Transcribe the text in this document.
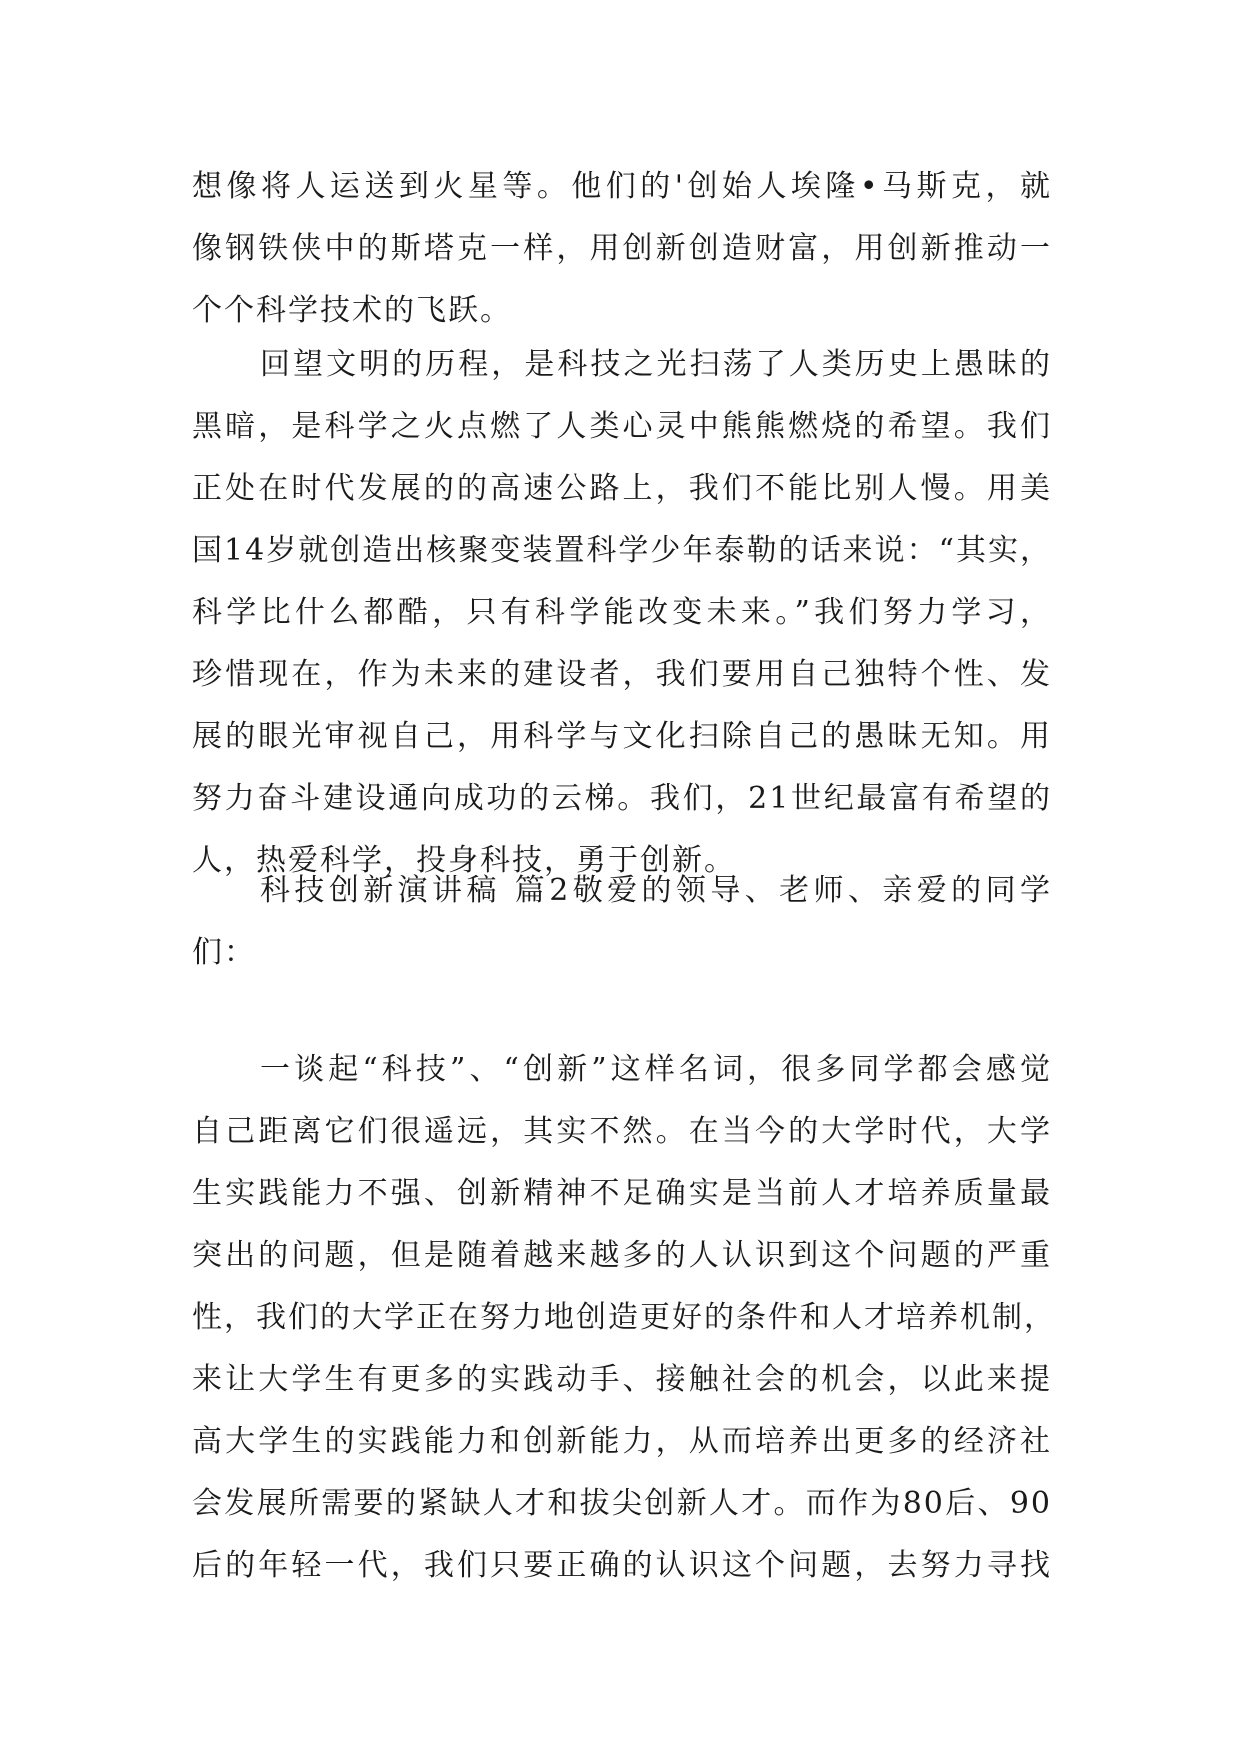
想像将人运送到火星等。他们的'创始人埃隆•马斯克，就
像钢铁侠中的斯塔克一样，用创新创造财富，用创新推动一
个个科学技术的飞跃。
回望文明的历程，是科技之光扫荡了人类历史上愚昧的
黑暗，是科学之火点燃了人类心灵中熊熊燃烧的希望。我们
正处在时代发展的的高速公路上，我们不能比别人慢。用美
国14岁就创造出核聚变装置科学少年泰勒的话来说：“其实，
科学比什么都酷，只有科学能改变未来。”我们努力学习，
珍惜现在，作为未来的建设者，我们要用自己独特个性、发
展的眼光审视自己，用科学与文化扫除自己的愚昧无知。用
努力奋斗建设通向成功的云梯。我们，21世纪最富有希望的
人，热爱科学，投身科技，勇于创新。
科技创新演讲稿 篇2敬爱的领导、老师、亲爱的同学
们：
一谈起“科技”、“创新”这样名词，很多同学都会感觉
自己距离它们很遥远，其实不然。在当今的大学时代，大学
生实践能力不强、创新精神不足确实是当前人才培养质量最
突出的问题，但是随着越来越多的人认识到这个问题的严重
性，我们的大学正在努力地创造更好的条件和人才培养机制，
来让大学生有更多的实践动手、接触社会的机会，以此来提
高大学生的实践能力和创新能力，从而培养出更多的经济社
会发展所需要的紧缺人才和拔尖创新人才。而作为80后、90
后的年轻一代，我们只要正确的认识这个问题，去努力寻找
